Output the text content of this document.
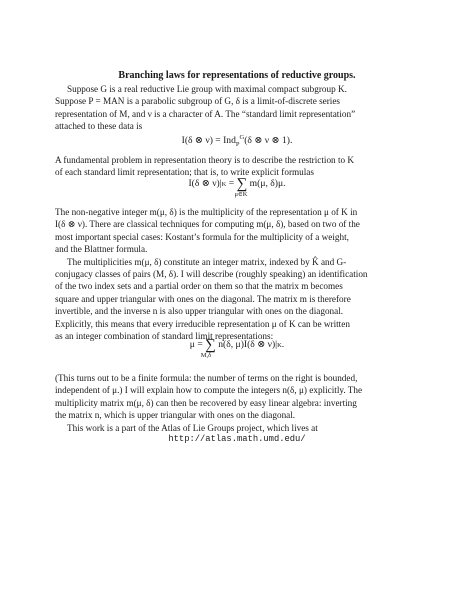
Branching laws for representations of reductive groups.

Suppose G is a real reductive Lie group with maximal compact subgroup K.

Suppose P = MAN is a parabolic subgroup of G, δ is a limit-of-discrete series

representation of M, and ν is a character of A. The “standard limit representation”

attached to these data is

I(δ ⊗ ν) = Ind$_P^G$(δ ⊗ ν ⊗ 1).

A fundamental problem in representation theory is to describe the restriction to K

of each standard limit representation; that is, to write explicit formulas

I(δ ⊗ ν)|K = ∑ m(μ, δ)μ.
μ∈K̂

The non-negative integer m(μ, δ) is the multiplicity of the representation μ of K in

I(δ ⊗ ν). There are classical techniques for computing m(μ, δ), based on two of the

most important special cases: Kostant’s formula for the multiplicity of a weight,

and the Blattner formula.

The multiplicities m(μ, δ) constitute an integer matrix, indexed by K̂ and G-

conjugacy classes of pairs (M, δ). I will describe (roughly speaking) an identification

of the two index sets and a partial order on them so that the matrix m becomes

square and upper triangular with ones on the diagonal. The matrix m is therefore

invertible, and the inverse n is also upper triangular with ones on the diagonal.

Explicitly, this means that every irreducible representation μ of K can be written

as an integer combination of standard limit representations:

μ = ∑ n(δ, μ)I(δ ⊗ ν)|K.
M,δ

(This turns out to be a finite formula: the number of terms on the right is bounded,

independent of μ.) I will explain how to compute the integers n(δ, μ) explicitly. The

multiplicity matrix m(μ, δ) can then be recovered by easy linear algebra: inverting

the matrix n, which is upper triangular with ones on the diagonal.

This work is a part of the Atlas of Lie Groups project, which lives at

http://atlas.math.umd.edu/
